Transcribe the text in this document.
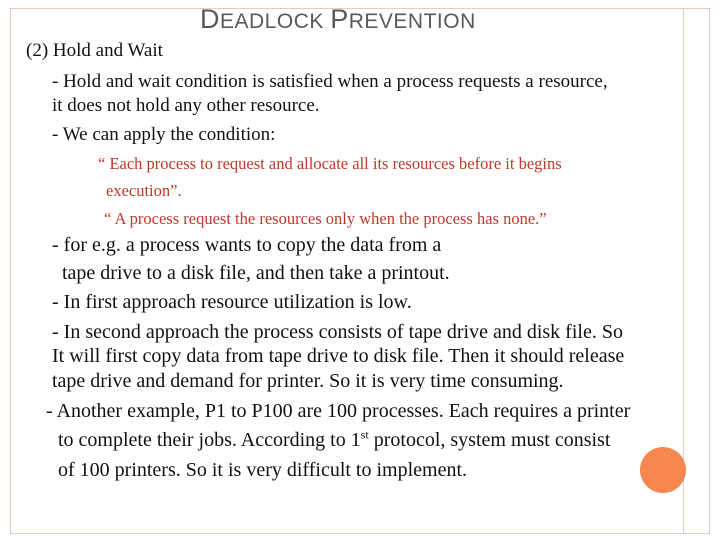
DEADLOCK PREVENTION
(2) Hold and Wait
- Hold and wait condition is satisfied when a process requests a resource,
it does not hold any other resource.
- We can apply the condition:
“ Each process to request and allocate all its resources before it begins
execution”.
“ A process request the resources only when the process has none.”
- for e.g. a process wants to copy the data from a
tape drive to a disk file, and then take a printout.
- In first approach resource utilization is low.
- In second approach the process consists of tape drive and disk file. So
It will first copy data from tape drive to disk file. Then it should release
tape drive and demand for printer. So it is very time consuming.
- Another example, P1 to P100 are 100 processes. Each requires a printer
to complete their jobs. According to 1st protocol, system must consist
of 100 printers. So it is very difficult to implement.
